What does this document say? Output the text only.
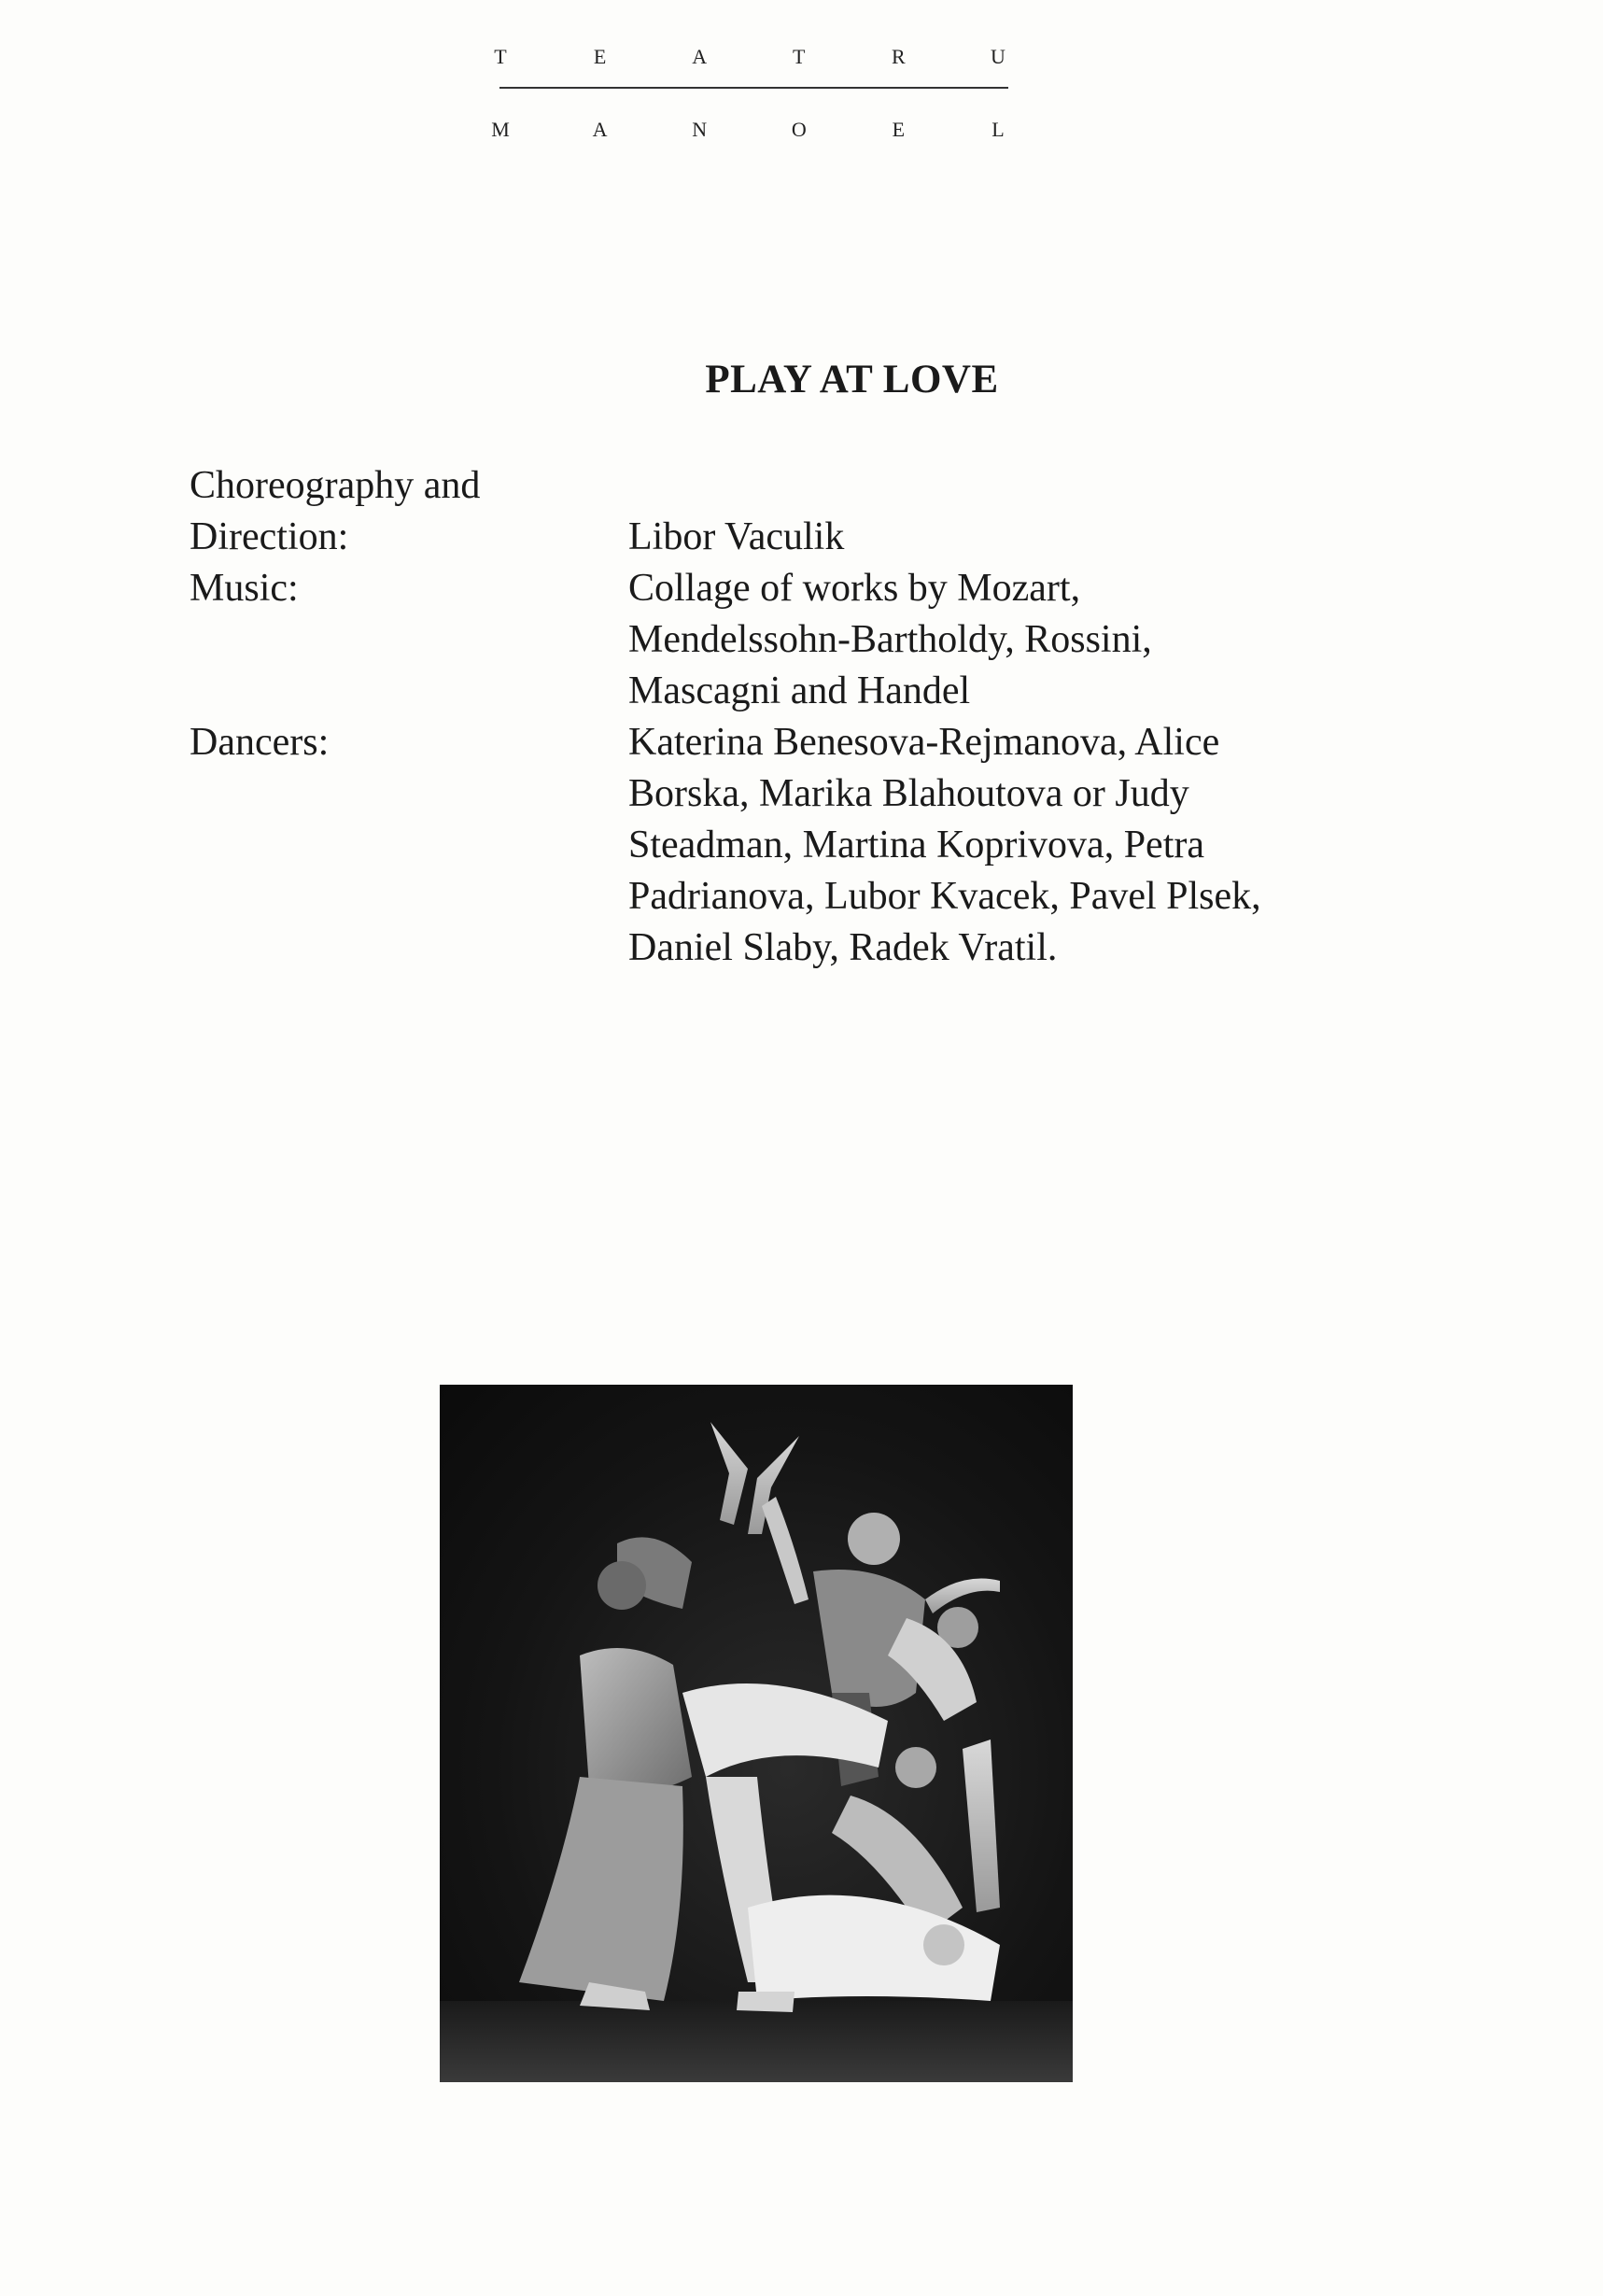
T	E	A	T	R	U
M	A	N	O	E	L
PLAY AT LOVE
Choreography and
Direction:
	Libor Vaculik
Music:	Collage of works by Mozart,
Mendelssohn-Bartholdy, Rossini,
Mascagni and Handel
Dancers:	Katerina Benesova-Rejmanova, Alice
Borska, Marika Blahoutova or Judy
Steadman, Martina Koprivova, Petra
Padrianova, Lubor Kvacek, Pavel Plsek,
Daniel Slaby, Radek Vratil.
